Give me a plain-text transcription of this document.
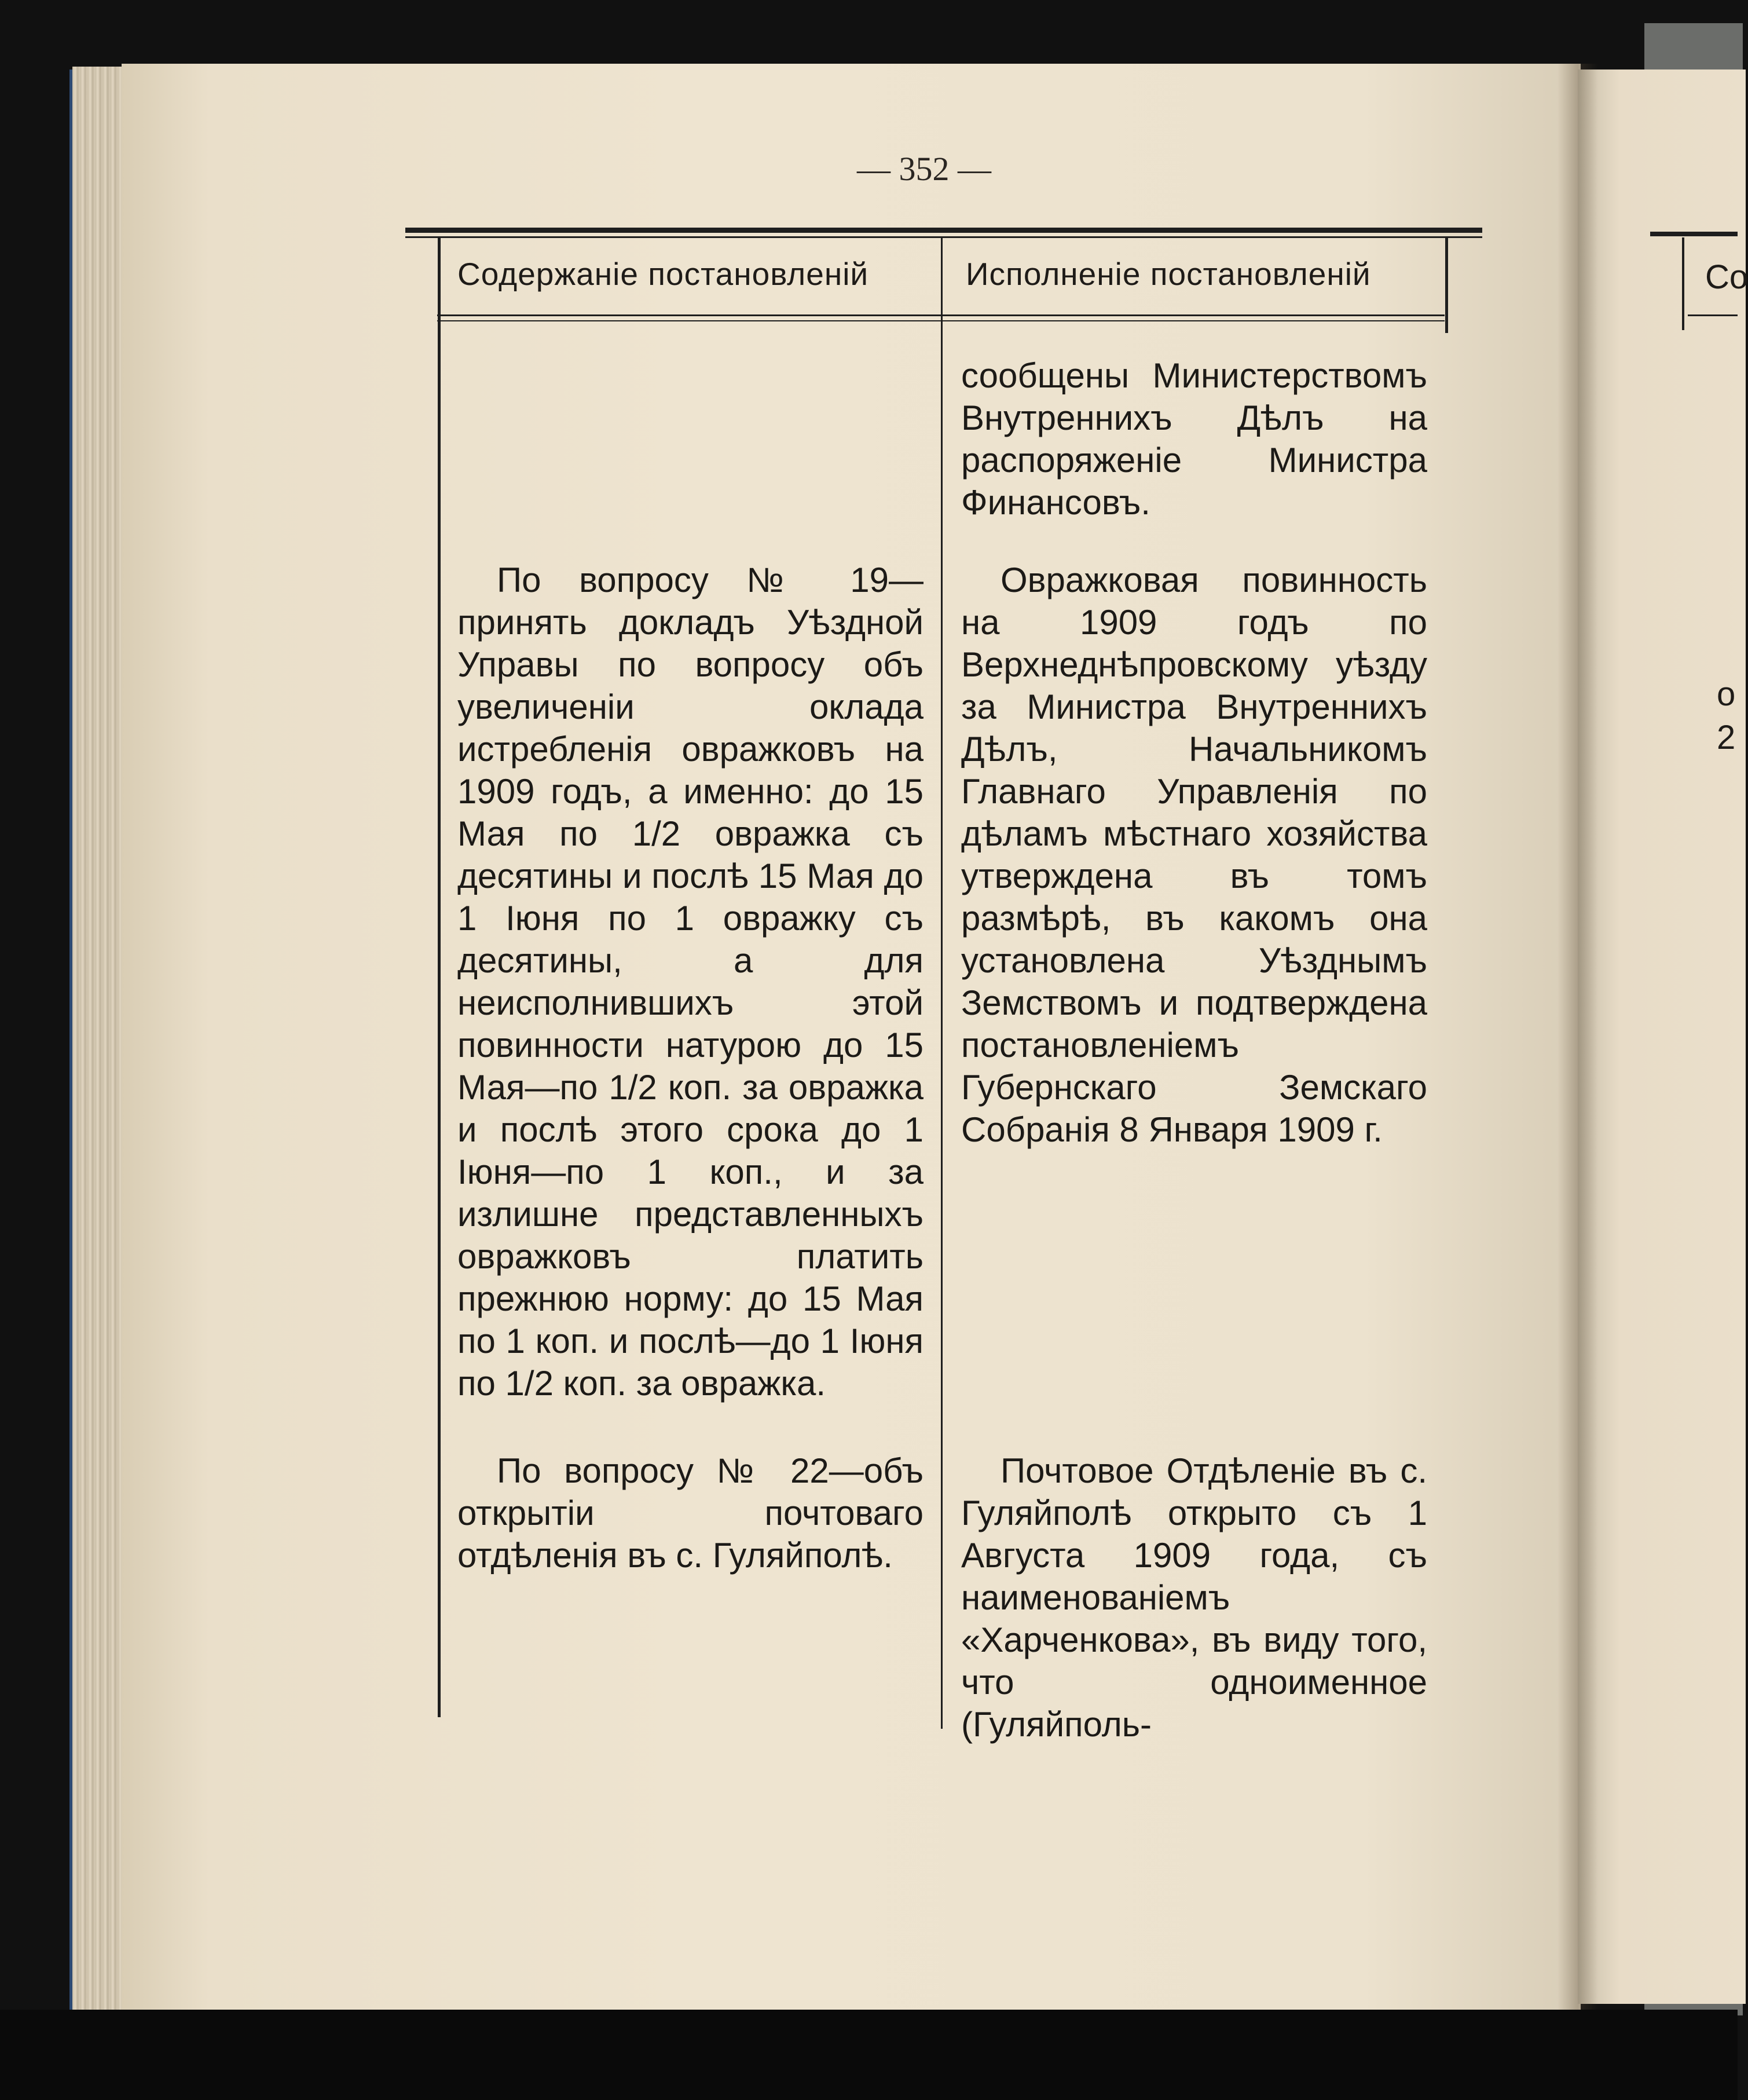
— 352 —
Со
о
2
Содержаніе постановленій	Исполненіе постановленій
По вопросу № 19—принять докладъ Уѣздной Управы по вопросу объ увеличеніи оклада истребленія овражковъ на 1909 годъ, а именно: до 15 Мая по 1/2 овражка съ десятины и послѣ 15 Мая до 1 Іюня по 1 овражку съ десятины, а для неисполнившихъ этой повинности натурою до 15 Мая—по 1/2 коп. за овражка и послѣ этого срока до 1 Іюня—по 1 коп., и за излишне представленныхъ овражковъ платить прежнюю норму: до 15 Мая по 1 коп. и послѣ—до 1 Іюня по 1/2 коп. за овражка.
По вопросу № 22—объ открытіи почтоваго отдѣленія въ с. Гуляйполѣ.
сообщены Министерствомъ Внутреннихъ Дѣлъ на распоряженіе Министра Финансовъ.
Овражковая повинность на 1909 годъ по Верхнеднѣпровскому уѣзду за Министра Внутреннихъ Дѣлъ, Начальникомъ Главнаго Управленія по дѣламъ мѣстнаго хозяйства утверждена въ томъ размѣрѣ, въ какомъ она установлена Уѣзднымъ Земствомъ и подтверждена постановленіемъ Губернскаго Земскаго Собранія 8 Января 1909 г.
Почтовое Отдѣленіе въ с. Гуляйполѣ открыто съ 1 Августа 1909 года, съ наименованіемъ «Харченкова», въ виду того, что одноименное (Гуляйполь-
